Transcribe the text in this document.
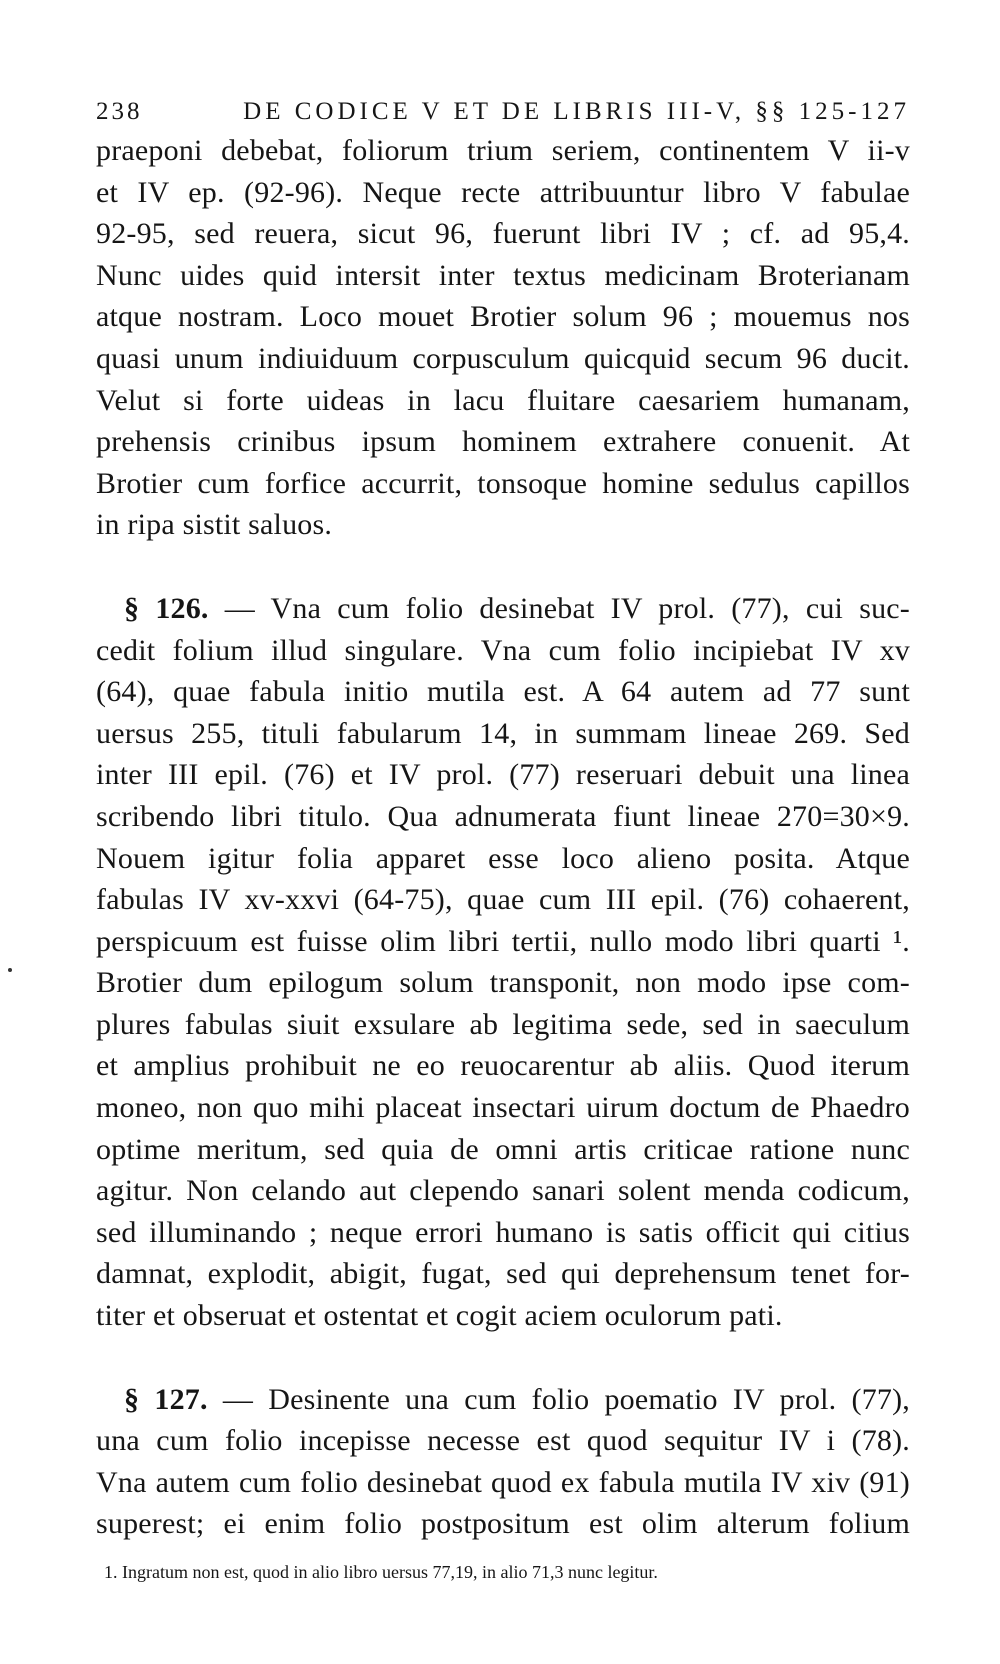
238	DE CODICE V ET DE LIBRIS III-V, §§ 125-127
praeponi debebat, foliorum trium seriem, continentem V ii-v
et IV ep. (92-96). Neque recte attribuuntur libro V fabulae
92-95, sed reuera, sicut 96, fuerunt libri IV ; cf. ad 95,4.
Nunc uides quid intersit inter textus medicinam Broterianam
atque nostram. Loco mouet Brotier solum 96 ; mouemus nos
quasi unum indiuiduum corpusculum quicquid secum 96 ducit.
Velut si forte uideas in lacu fluitare caesariem humanam,
prehensis crinibus ipsum hominem extrahere conuenit. At
Brotier cum forfice accurrit, tonsoque homine sedulus capillos
in ripa sistit saluos.
§ 126. — Vna cum folio desinebat IV prol. (77), cui suc-
cedit folium illud singulare. Vna cum folio incipiebat IV xv
(64), quae fabula initio mutila est. A 64 autem ad 77 sunt
uersus 255, tituli fabularum 14, in summam lineae 269. Sed
inter III epil. (76) et IV prol. (77) reseruari debuit una linea
scribendo libri titulo. Qua adnumerata fiunt lineae 270=30×9.
Nouem igitur folia apparet esse loco alieno posita. Atque
fabulas IV xv-xxvi (64-75), quae cum III epil. (76) cohaerent,
perspicuum est fuisse olim libri tertii, nullo modo libri quarti ¹.
Brotier dum epilogum solum transponit, non modo ipse com-
plures fabulas siuit exsulare ab legitima sede, sed in saeculum
et amplius prohibuit ne eo reuocarentur ab aliis. Quod iterum
moneo, non quo mihi placeat insectari uirum doctum de Phaedro
optime meritum, sed quia de omni artis criticae ratione nunc
agitur. Non celando aut clependo sanari solent menda codicum,
sed illuminando ; neque errori humano is satis officit qui citius
damnat, explodit, abigit, fugat, sed qui deprehensum tenet for-
titer et obseruat et ostentat et cogit aciem oculorum pati.
§ 127. — Desinente una cum folio poematio IV prol. (77),
una cum folio incepisse necesse est quod sequitur IV i (78).
Vna autem cum folio desinebat quod ex fabula mutila IV xiv (91)
superest; ei enim folio postpositum est olim alterum folium
1. Ingratum non est, quod in alio libro uersus 77,19, in alio 71,3 nunc legitur.
